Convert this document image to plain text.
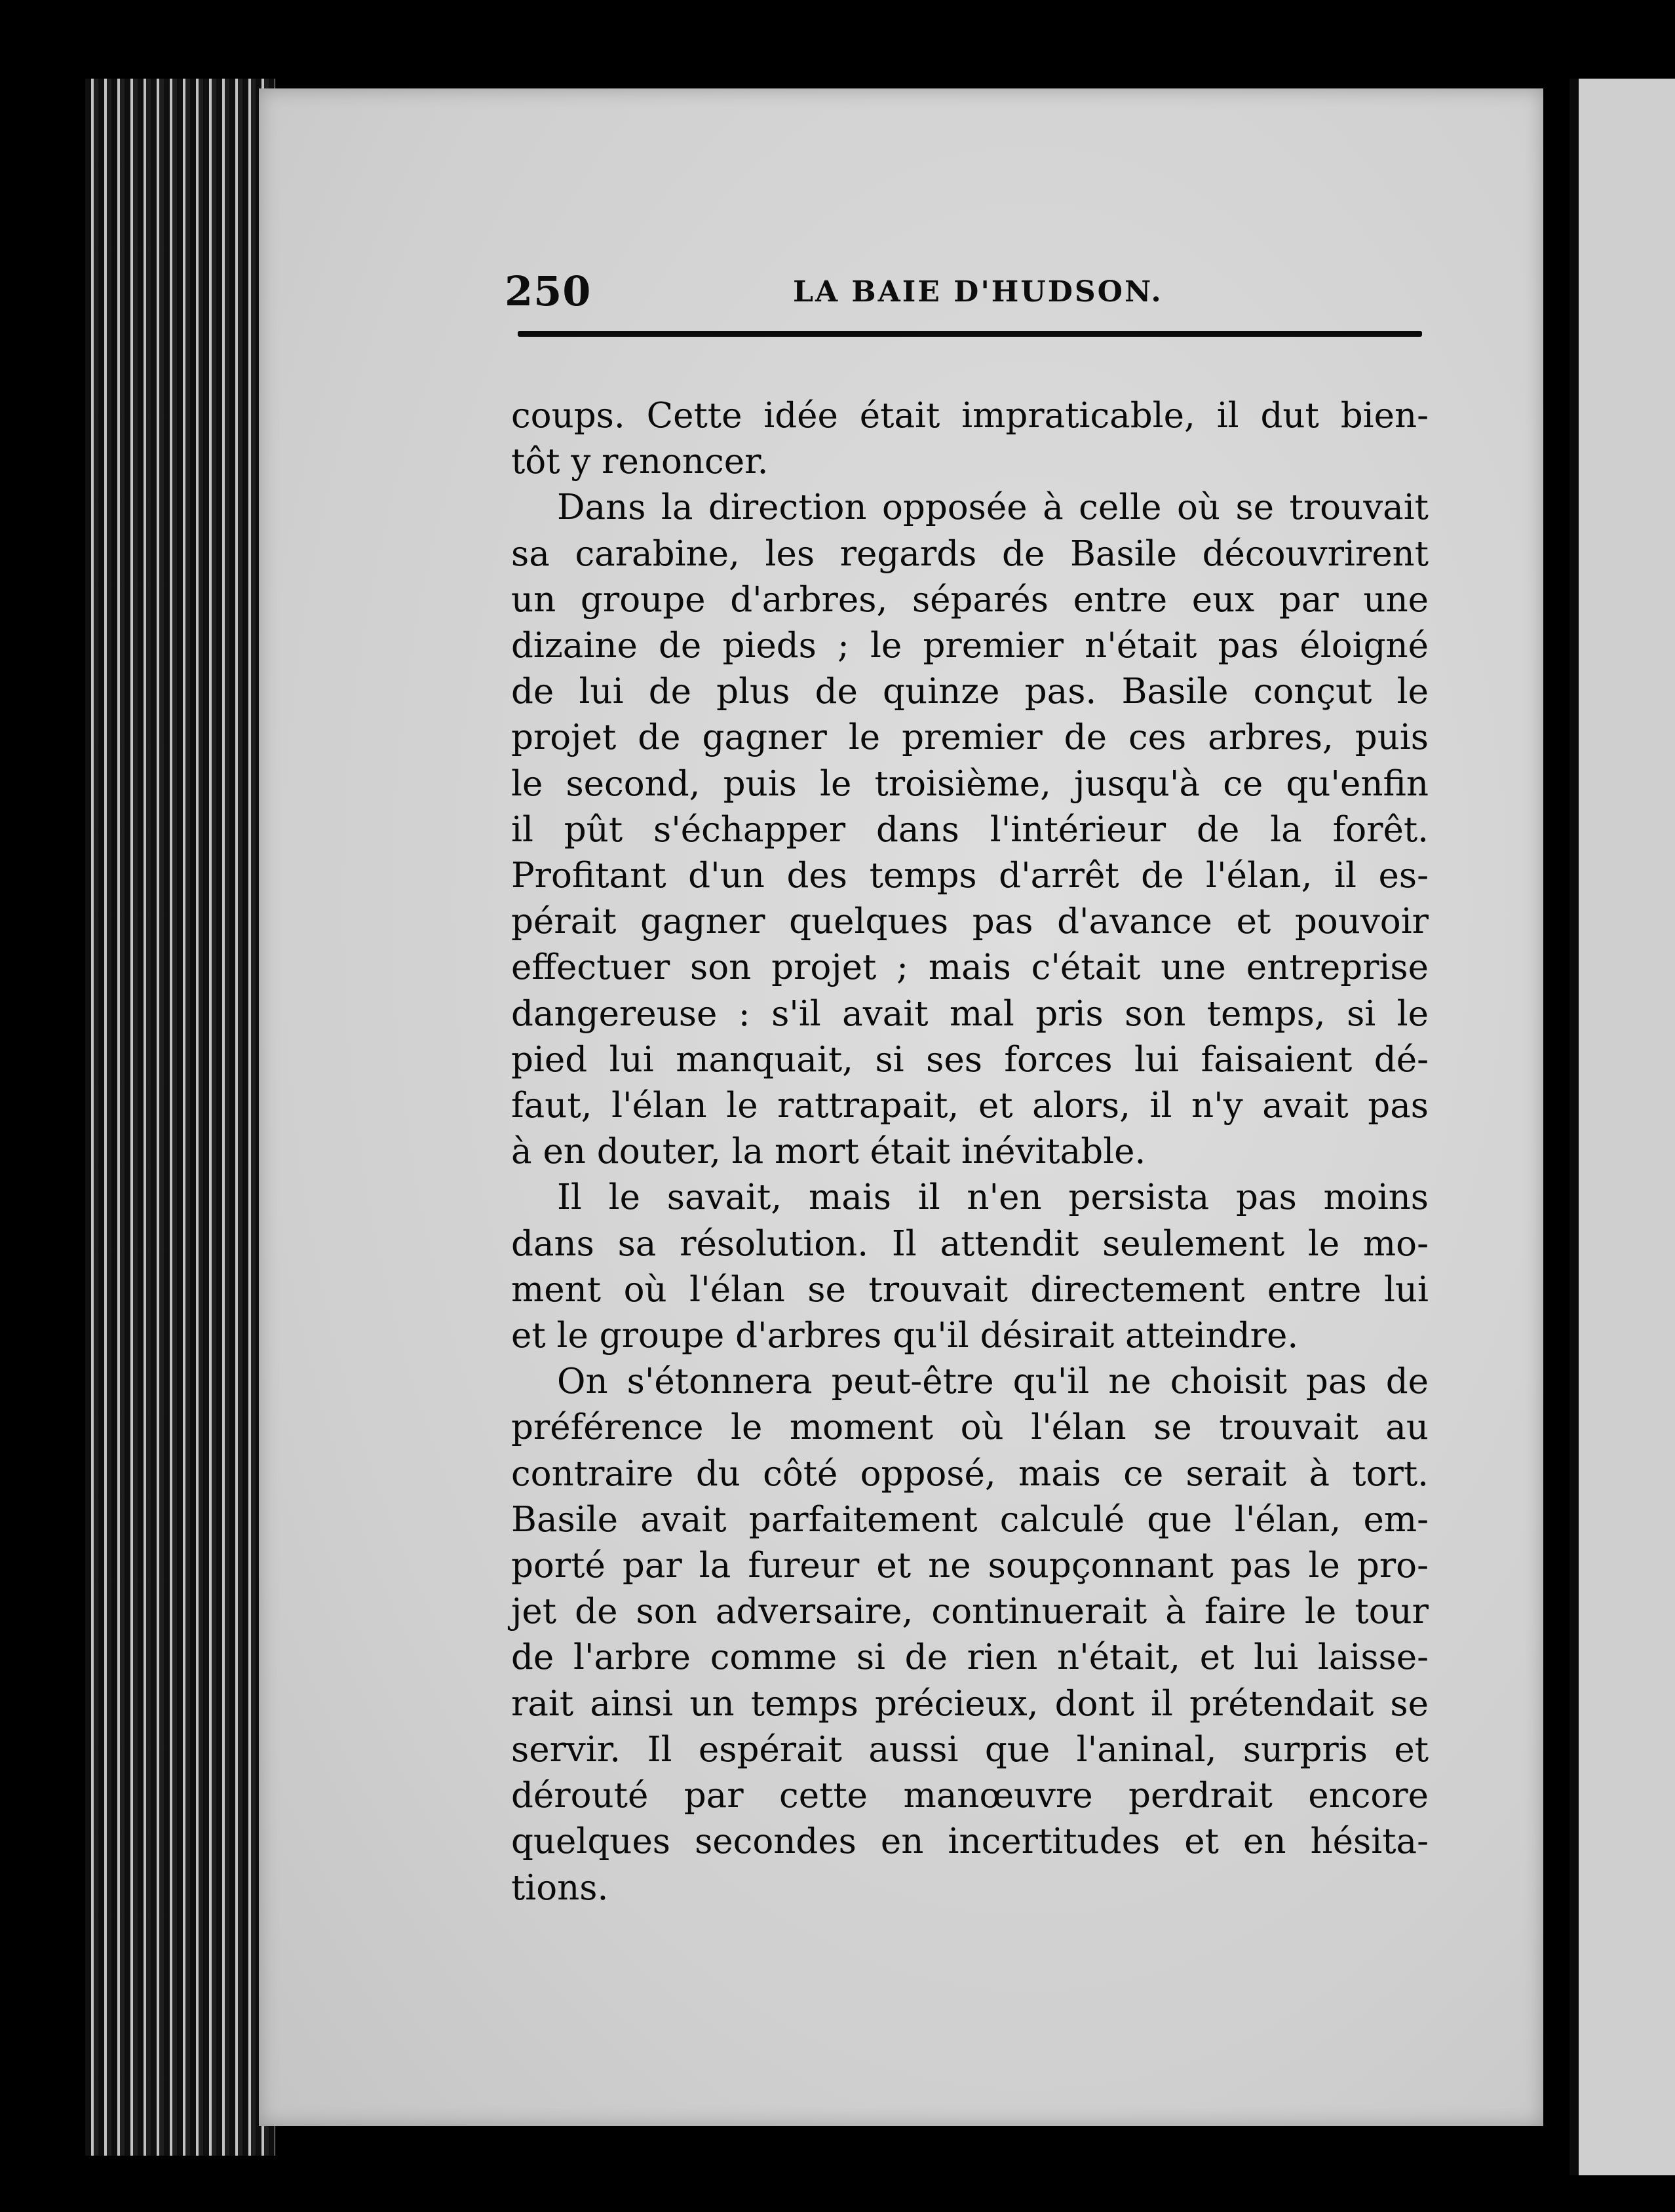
250	LA BAIE D'HUDSON.

coups. Cette idée était impraticable, il dut bien-
tôt y renoncer.

Dans la direction opposée à celle où se trouvait
sa carabine, les regards de Basile découvrirent
un groupe d'arbres, séparés entre eux par une
dizaine de pieds ; le premier n'était pas éloigné
de lui de plus de quinze pas. Basile conçut le
projet de gagner le premier de ces arbres, puis
le second, puis le troisième, jusqu'à ce qu'enfin
il pût s'échapper dans l'intérieur de la forêt.
Profitant d'un des temps d'arrêt de l'élan, il es-
pérait gagner quelques pas d'avance et pouvoir
effectuer son projet ; mais c'était une entreprise
dangereuse : s'il avait mal pris son temps, si le
pied lui manquait, si ses forces lui faisaient dé-
faut, l'élan le rattrapait, et alors, il n'y avait pas
à en douter, la mort était inévitable.

Il le savait, mais il n'en persista pas moins
dans sa résolution. Il attendit seulement le mo-
ment où l'élan se trouvait directement entre lui
et le groupe d'arbres qu'il désirait atteindre.

On s'étonnera peut-être qu'il ne choisit pas de
préférence le moment où l'élan se trouvait au
contraire du côté opposé, mais ce serait à tort.
Basile avait parfaitement calculé que l'élan, em-
porté par la fureur et ne soupçonnant pas le pro-
jet de son adversaire, continuerait à faire le tour
de l'arbre comme si de rien n'était, et lui laisse-
rait ainsi un temps précieux, dont il prétendait se
servir. Il espérait aussi que l'aninal, surpris et
dérouté par cette manœuvre perdrait encore
quelques secondes en incertitudes et en hésita-
tions.
